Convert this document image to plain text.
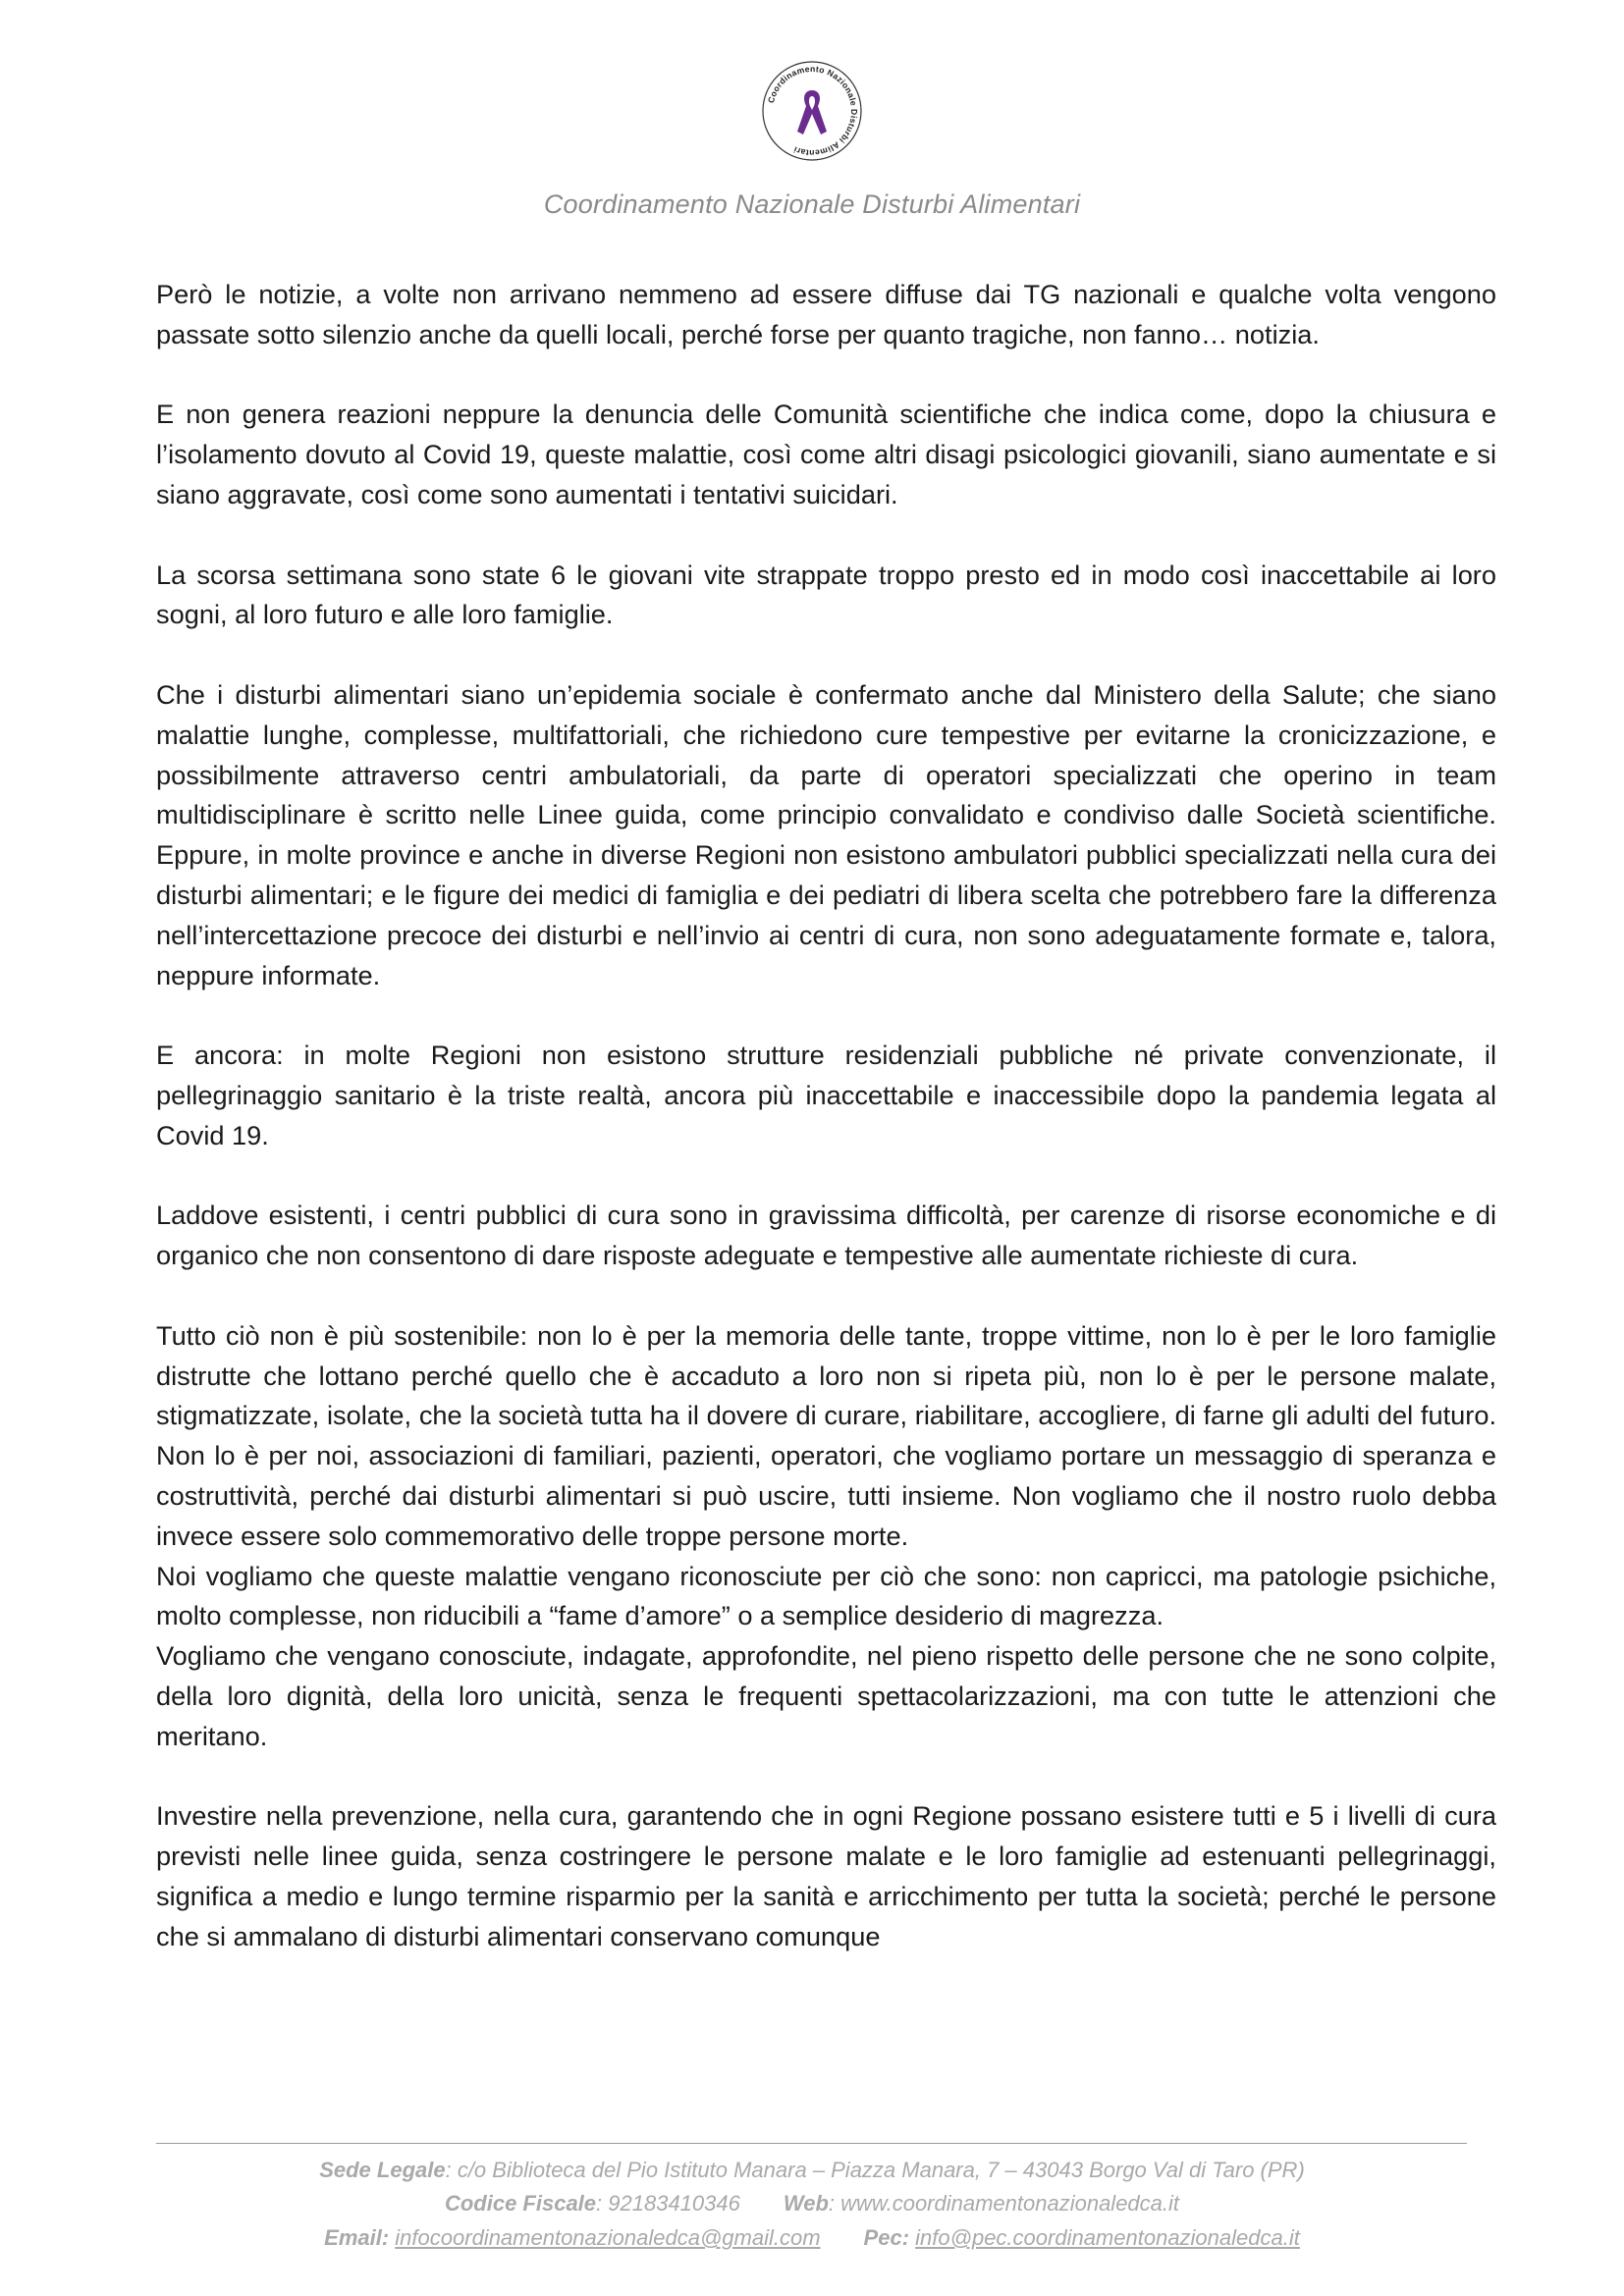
Coordinamento Nazionale Disturbi Alimentari
Coordinamento Nazionale Disturbi Alimentari

Però le notizie, a volte non arrivano nemmeno ad essere diffuse dai TG nazionali e qualche volta vengono passate sotto silenzio anche da quelli locali, perché forse per quanto tragiche, non fanno… notizia.

E non genera reazioni neppure la denuncia delle Comunità scientifiche che indica come, dopo la chiusura e l’isolamento dovuto al Covid 19, queste malattie, così come altri disagi psicologici giovanili, siano aumentate e si siano aggravate, così come sono aumentati i tentativi suicidari.

La scorsa settimana sono state 6 le giovani vite strappate troppo presto ed in modo così inaccettabile ai loro sogni, al loro futuro e alle loro famiglie.

Che i disturbi alimentari siano un’epidemia sociale è confermato anche dal Ministero della Salute; che siano malattie lunghe, complesse, multifattoriali, che richiedono cure tempestive per evitarne la cronicizzazione, e possibilmente attraverso centri ambulatoriali, da parte di operatori specializzati che operino in team multidisciplinare è scritto nelle Linee guida, come principio convalidato e condiviso dalle Società scientifiche. Eppure, in molte province e anche in diverse Regioni non esistono ambulatori pubblici specializzati nella cura dei disturbi alimentari; e le figure dei medici di famiglia e dei pediatri di libera scelta che potrebbero fare la differenza nell’intercettazione precoce dei disturbi e nell’invio ai centri di cura, non sono adeguatamente formate e, talora, neppure informate.

E ancora: in molte Regioni non esistono strutture residenziali pubbliche né private convenzionate, il pellegrinaggio sanitario è la triste realtà, ancora più inaccettabile e inaccessibile dopo la pandemia legata al Covid 19.

Laddove esistenti, i centri pubblici di cura sono in gravissima difficoltà, per carenze di risorse economiche e di organico che non consentono di dare risposte adeguate e tempestive alle aumentate richieste di cura.

Tutto ciò non è più sostenibile: non lo è per la memoria delle tante, troppe vittime, non lo è per le loro famiglie distrutte che lottano perché quello che è accaduto a loro non si ripeta più, non lo è per le persone malate, stigmatizzate, isolate, che la società tutta ha il dovere di curare, riabilitare, accogliere, di farne gli adulti del futuro. Non lo è per noi, associazioni di familiari, pazienti, operatori, che vogliamo portare un messaggio di speranza e costruttività, perché dai disturbi alimentari si può uscire, tutti insieme. Non vogliamo che il nostro ruolo debba invece essere solo commemorativo delle troppe persone morte.

Noi vogliamo che queste malattie vengano riconosciute per ciò che sono: non capricci, ma patologie psichiche, molto complesse, non riducibili a “fame d’amore” o a semplice desiderio di magrezza.

Vogliamo che vengano conosciute, indagate, approfondite, nel pieno rispetto delle persone che ne sono colpite, della loro dignità, della loro unicità, senza le frequenti spettacolarizzazioni, ma con tutte le attenzioni che meritano.

Investire nella prevenzione, nella cura, garantendo che in ogni Regione possano esistere tutti e 5 i livelli di cura previsti nelle linee guida, senza costringere le persone malate e le loro famiglie ad estenuanti pellegrinaggi, significa a medio e lungo termine risparmio per la sanità e arricchimento per tutta la società; perché le persone che si ammalano di disturbi alimentari conservano comunque

Sede Legale: c/o Biblioteca del Pio Istituto Manara – Piazza Manara, 7 – 43043 Borgo Val di Taro (PR)
Codice Fiscale: 92183410346 Web: www.coordinamentonazionaledca.it
Email: infocoordinamentonazionaledca@gmail.com Pec: info@pec.coordinamentonazionaledca.it
